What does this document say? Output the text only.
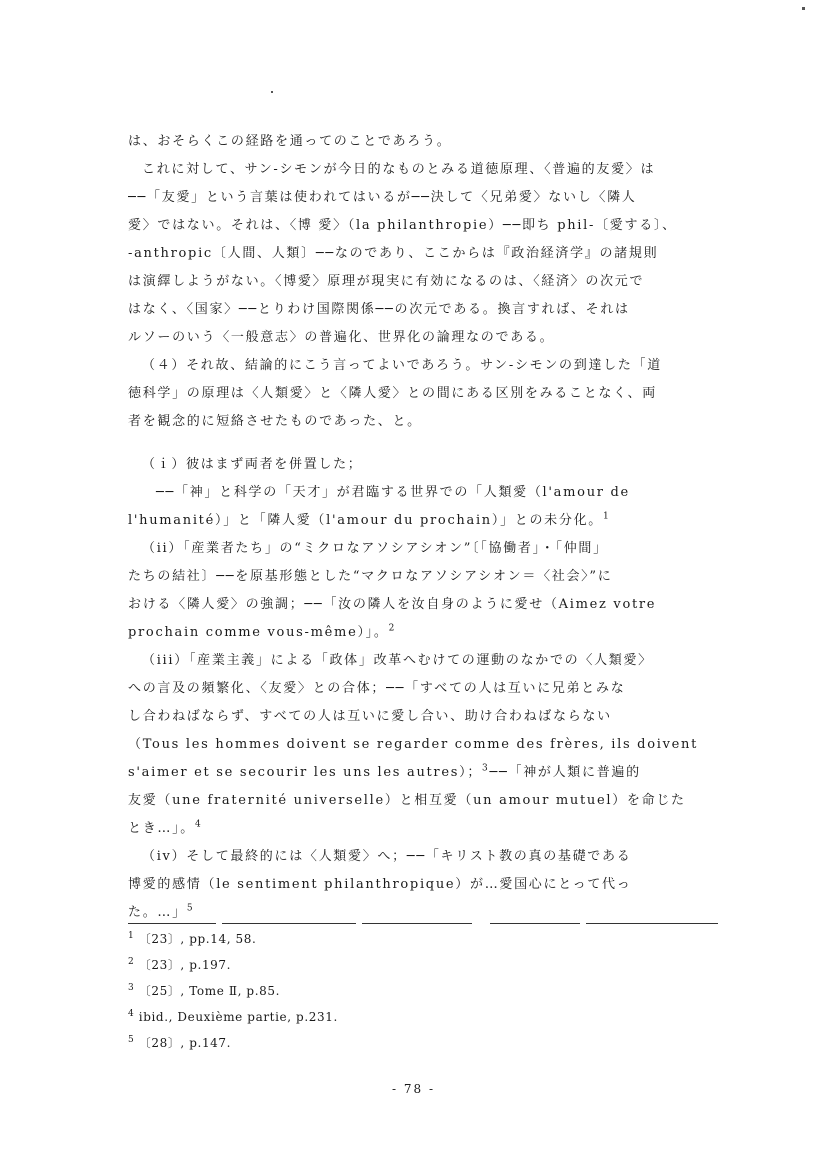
は、おそらくこの経路を通ってのことであろう。
これに対して、サン-シモンが今日的なものとみる道徳原理、〈普遍的友愛〉は
──「友愛」という言葉は使われてはいるが──決して〈兄弟愛〉ないし〈隣人
愛〉ではない。それは、〈博 愛〉（la philanthropie）──即ち phil-〔愛する〕、
-anthropic〔人間、人類〕──なのであり、ここからは『政治経済学』の諸規則
は演繹しようがない。〈博愛〉原理が現実に有効になるのは、〈経済〉の次元で
はなく、〈国家〉──とりわけ国際関係──の次元である。換言すれば、それは
ルソーのいう〈一般意志〉の普遍化、世界化の論理なのである。
（４）それ故、結論的にこう言ってよいであろう。サン-シモンの到達した「道
徳科学」の原理は〈人類愛〉と〈隣人愛〉との間にある区別をみることなく、両
者を観念的に短絡させたものであった、と。
（ｉ）彼はまず両者を併置した；
──「神」と科学の「天才」が君臨する世界での「人類愛（l'amour de
l'humanité）」と「隣人愛（l'amour du prochain）」との未分化。$^1$
（ii）「産業者たち」の“ミクロなアソシアシオン”〔「協働者」・「仲間」
たちの結社〕──を原基形態とした“マクロなアソシアシオン＝〈社会〉”に
おける〈隣人愛〉の強調；──「汝の隣人を汝自身のように愛せ（Aimez votre
prochain comme vous-même）」。$^2$
（iii）「産業主義」による「政体」改革へむけての運動のなかでの〈人類愛〉
への言及の頻繁化、〈友愛〉との合体；──「すべての人は互いに兄弟とみな
し合わねばならず、すべての人は互いに愛し合い、助け合わねばならない
（Tous les hommes doivent se regarder comme des frères, ils doivent
s'aimer et se secourir les uns les autres）；$^3$──「神が人類に普遍的
友愛（une fraternité universelle）と相互愛（un amour mutuel）を命じた
とき…」。$^4$
（iv）そして最終的には〈人類愛〉へ；──「キリスト教の真の基礎である
博愛的感情（le sentiment philanthropique）が…愛国心にとって代っ
た。…」$^5$
$^1$ 〔23〕, pp.14, 58.
$^2$ 〔23〕, p.197.
$^3$ 〔25〕, Tome Ⅱ, p.85.
$^4$ ibid., Deuxième partie, p.231.
$^5$ 〔28〕, p.147.
- 78 -
